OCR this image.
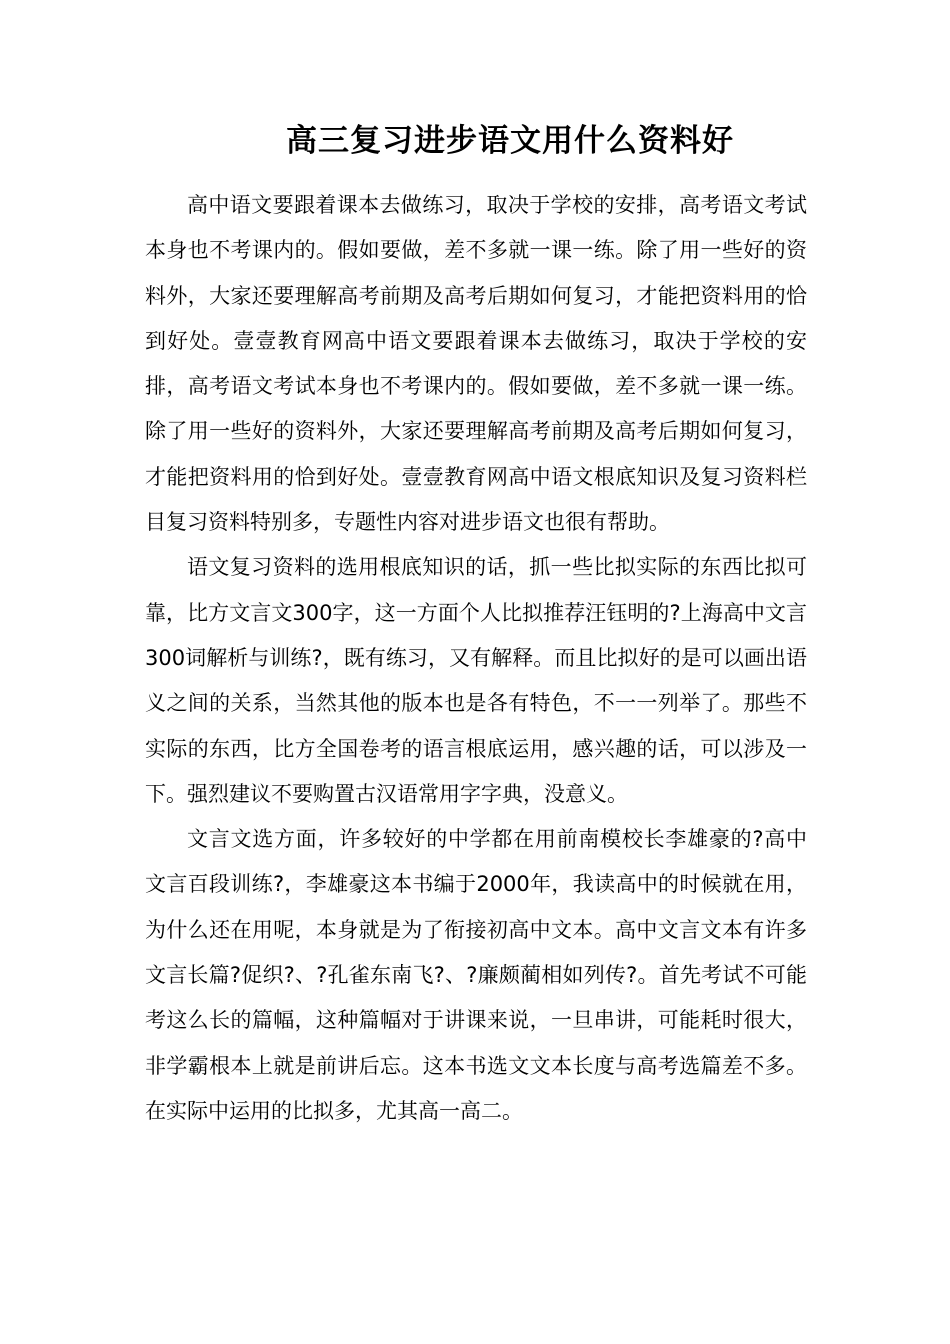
高三复习进步语文用什么资料好

高中语文要跟着课本去做练习，取决于学校的安排，高考语文考试本身也不考课内的。假如要做，差不多就一课一练。除了用一些好的资料外，大家还要理解高考前期及高考后期如何复习，才能把资料用的恰到好处。壹壹教育网高中语文要跟着课本去做练习，取决于学校的安排，高考语文考试本身也不考课内的。假如要做，差不多就一课一练。除了用一些好的资料外，大家还要理解高考前期及高考后期如何复习，才能把资料用的恰到好处。壹壹教育网高中语文根底知识及复习资料栏目复习资料特别多，专题性内容对进步语文也很有帮助。

语文复习资料的选用根底知识的话，抓一些比拟实际的东西比拟可靠，比方文言文300字，这一方面个人比拟推荐汪钰明的?上海高中文言300词解析与训练?，既有练习，又有解释。而且比拟好的是可以画出语义之间的关系，当然其他的版本也是各有特色，不一一列举了。那些不实际的东西，比方全国卷考的语言根底运用，感兴趣的话，可以涉及一下。强烈建议不要购置古汉语常用字字典，没意义。

文言文选方面，许多较好的中学都在用前南模校长李雄豪的?高中文言百段训练?，李雄豪这本书编于2000年，我读高中的时候就在用，为什么还在用呢，本身就是为了衔接初高中文本。高中文言文本有许多文言长篇?促织?、?孔雀东南飞?、?廉颇蔺相如列传?。首先考试不可能考这么长的篇幅，这种篇幅对于讲课来说，一旦串讲，可能耗时很大，非学霸根本上就是前讲后忘。这本书选文文本长度与高考选篇差不多。在实际中运用的比拟多，尤其高一高二。
